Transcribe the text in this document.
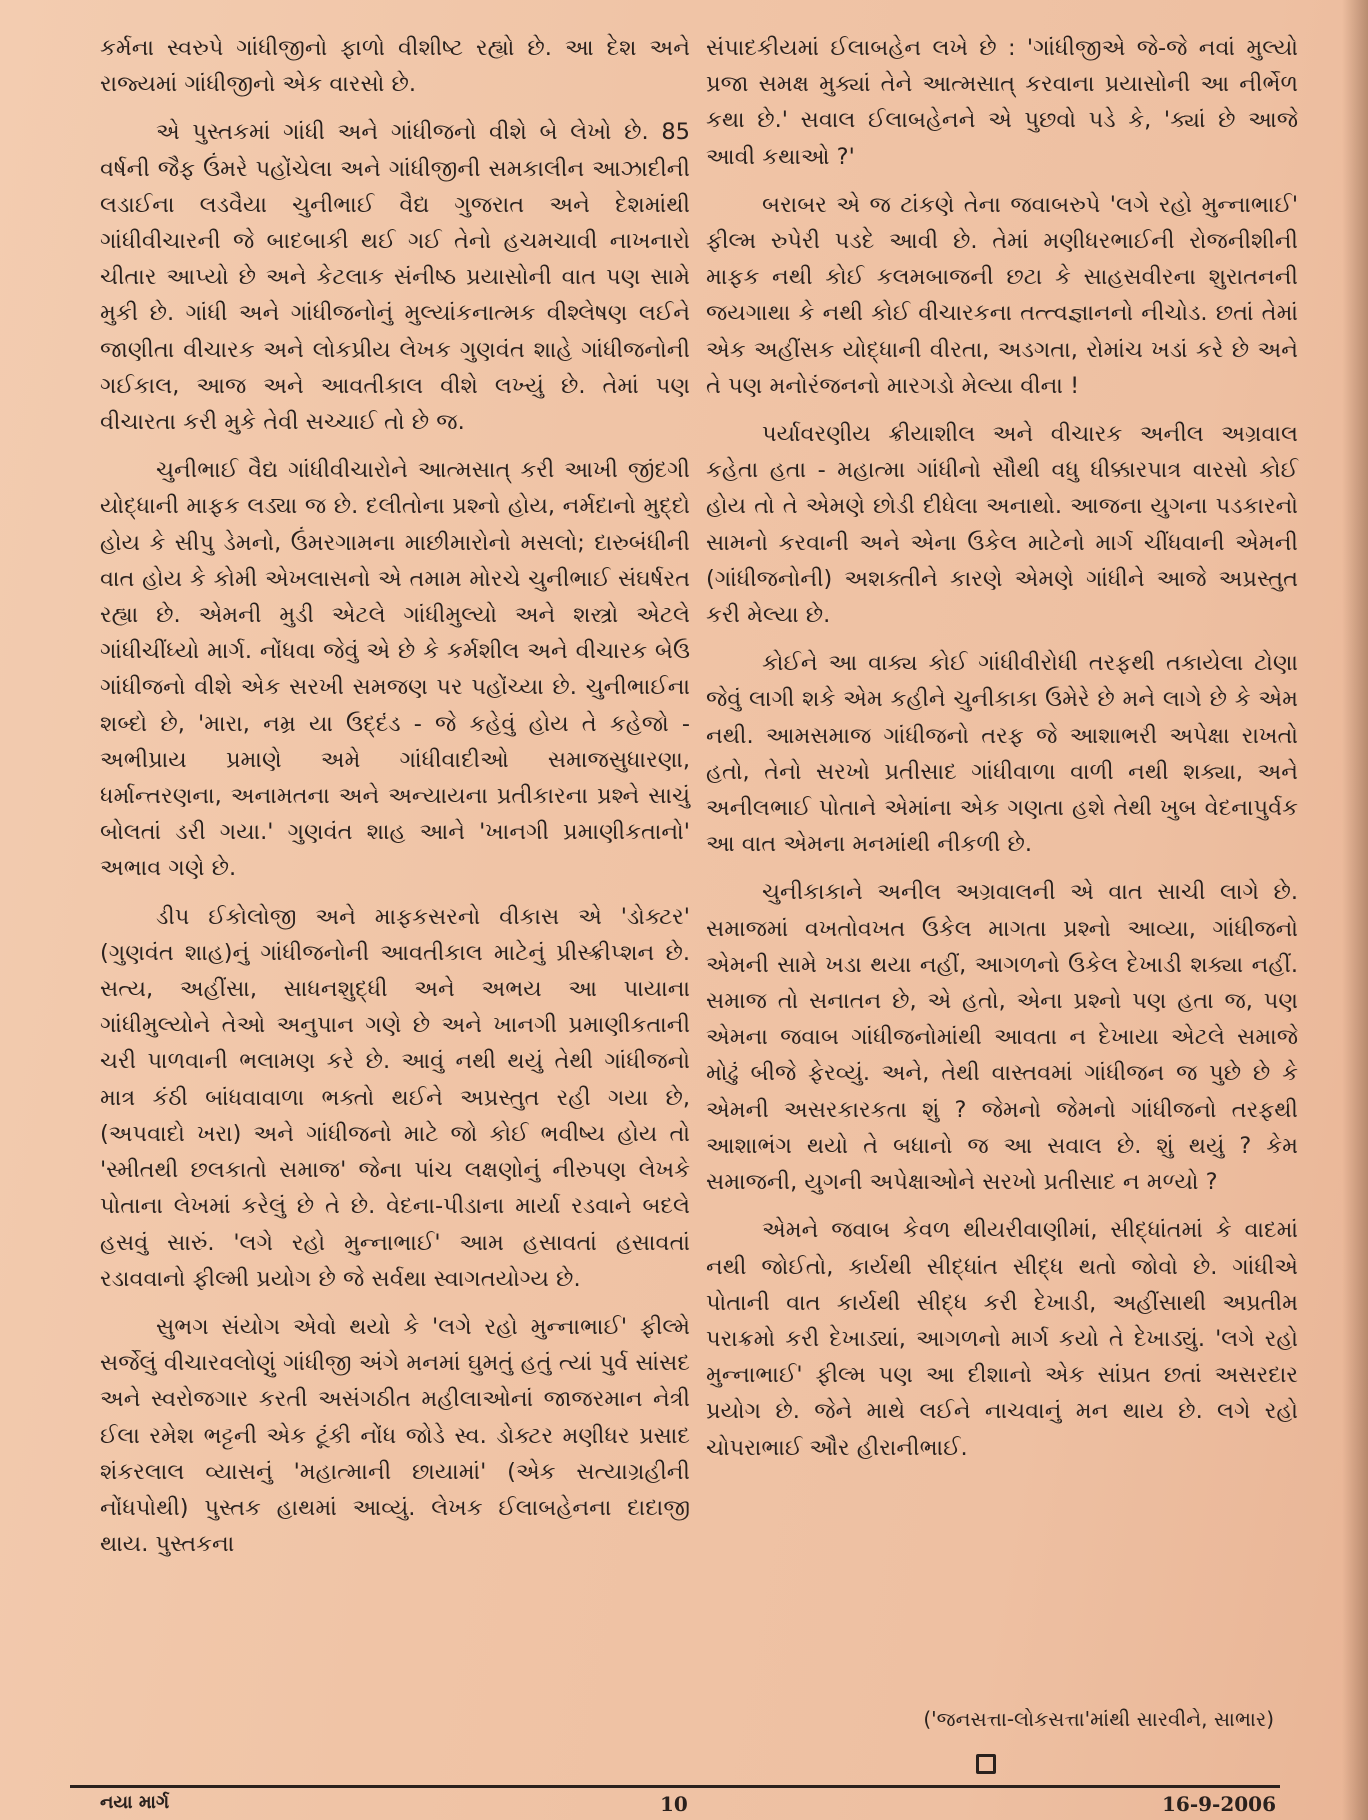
કર્મના સ્વરુપે ગાંધીજીનો ફાળો વીશીષ્ટ રહ્યો છે. આ દેશ અને રાજ્યમાં ગાંધીજીનો એક વારસો છે.

એ પુસ્તકમાં ગાંધી અને ગાંધીજનો વીશે બે લેખો છે. 85 વર્ષની જૈફ ઉંમરે પહોંચેલા અને ગાંધીજીની સમકાલીન આઝાદીની લડાઈના લડવૈયા ચુનીભાઈ વૈદ્ય ગુજરાત અને દેશમાંથી ગાંધીવીચારની જે બાદબાકી થઈ ગઈ તેનો હચમચાવી નાખનારો ચીતાર આપ્યો છે અને કેટલાક સંનીષ્ઠ પ્રયાસોની વાત પણ સામે મુકી છે. ગાંધી અને ગાંધીજનોનું મુલ્યાંકનાત્મક વીશ્લેષણ લઈને જાણીતા વીચારક અને લોકપ્રીય લેખક ગુણવંત શાહે ગાંધીજનોની ગઈકાલ, આજ અને આવતીકાલ વીશે લખ્યું છે. તેમાં પણ વીચારતા કરી મુકે તેવી સચ્ચાઈ તો છે જ.

ચુનીભાઈ વૈદ્ય ગાંધીવીચારોને આત્મસાત્ કરી આખી જીંદગી યોદ્ધાની માફક લડ્યા જ છે. દલીતોના પ્રશ્નો હોય, નર્મદાનો મુદ્દો હોય કે સીપુ ડેમનો, ઉંમરગામના માછીમારોનો મસલો; દારુબંધીની વાત હોય કે કોમી એખલાસનો એ તમામ મોરચે ચુનીભાઈ સંઘર્ષરત રહ્યા છે. એમની મુડી એટલે ગાંધીમુલ્યો અને શસ્ત્રો એટલે ગાંધીચીંધ્યો માર્ગ. નોંધવા જેવું એ છે કે કર્મશીલ અને વીચારક બેઉ ગાંધીજનો વીશે એક સરખી સમજણ પર પહોંચ્યા છે. ચુનીભાઈના શબ્દો છે, 'મારા, નમ્ર યા ઉદ્દંડ - જે કહેવું હોય તે કહેજો - અભીપ્રાય પ્રમાણે અમે ગાંધીવાદીઓ સમાજસુધારણા, ધર્માન્તરણના, અનામતના અને અન્યાયના પ્રતીકારના પ્રશ્ને સાચું બોલતાં ડરી ગયા.' ગુણવંત શાહ આને 'ખાનગી પ્રમાણીકતાનો' અભાવ ગણે છે.

ડીપ ઈકોલોજી અને માફકસરનો વીકાસ એ 'ડોક્ટર' (ગુણવંત શાહ)નું ગાંધીજનોની આવતીકાલ માટેનું પ્રીસ્ક્રીપ્શન છે. સત્ય, અહીંસા, સાધનશુદ્ધી અને અભય આ પાયાના ગાંધીમુલ્યોને તેઓ અનુપાન ગણે છે અને ખાનગી પ્રમાણીકતાની ચરી પાળવાની ભલામણ કરે છે. આવું નથી થયું તેથી ગાંધીજનો માત્ર કંઠી બાંધવાવાળા ભક્તો થઈને અપ્રસ્તુત રહી ગયા છે, (અપવાદો ખરા) અને ગાંધીજનો માટે જો કોઈ ભવીષ્ય હોય તો 'સ્મીતથી છલકાતો સમાજ' જેના પાંચ લક્ષણોનું નીરુપણ લેખકે પોતાના લેખમાં કરેલું છે તે છે. વેદના-પીડાના માર્યા રડવાને બદલે હસવું સારું. 'લગે રહો મુન્નાભાઈ' આમ હસાવતાં હસાવતાં રડાવવાનો ફીલ્મી પ્રયોગ છે જે સર્વથા સ્વાગતયોગ્ય છે.

સુભગ સંયોગ એવો થયો કે 'લગે રહો મુન્નાભાઈ' ફીલ્મે સર્જેલું વીચારવલોણું ગાંધીજી અંગે મનમાં ઘુમતું હતું ત્યાં પુર્વ સાંસદ અને સ્વરોજગાર કરતી અસંગઠીત મહીલાઓનાં જાજરમાન નેત્રી ઈલા રમેશ ભટ્ટની એક ટૂંકી નોંધ જોડે સ્વ. ડોક્ટર મણીધર પ્રસાદ શંકરલાલ વ્યાસનું 'મહાત્માની છાયામાં' (એક સત્યાગ્રહીની નોંધપોથી) પુસ્તક હાથમાં આવ્યું. લેખક ઈલાબહેનના દાદાજી થાય. પુસ્તકના

સંપાદકીયમાં ઈલાબહેન લખે છે : 'ગાંધીજીએ જે-જે નવાં મુલ્યો પ્રજા સમક્ષ મુક્યાં તેને આત્મસાત્ કરવાના પ્રયાસોની આ નીર્ભેળ કથા છે.' સવાલ ઈલાબહેનને એ પુછવો પડે કે, 'ક્યાં છે આજે આવી કથાઓ ?'

બરાબર એ જ ટાંકણે તેના જવાબરુપે 'લગે રહો મુન્નાભાઈ' ફીલ્મ રુપેરી પડદે આવી છે. તેમાં મણીધરભાઈની રોજનીશીની માફક નથી કોઈ કલમબાજની છટા કે સાહસવીરના શુરાતનની જયગાથા કે નથી કોઈ વીચારકના તત્ત્વજ્ઞાનનો નીચોડ. છતાં તેમાં એક અહીંસક યોદ્ધાની વીરતા, અડગતા, રોમાંચ ખડાં કરે છે અને તે પણ મનોરંજનનો મારગડો મેલ્યા વીના !

પર્યાવરણીય ક્રીયાશીલ અને વીચારક અનીલ અગ્રવાલ કહેતા હતા - મહાત્મા ગાંધીનો સૌથી વધુ ધીક્કારપાત્ર વારસો કોઈ હોય તો તે એમણે છોડી દીધેલા અનાથો. આજના યુગના પડકારનો સામનો કરવાની અને એના ઉકેલ માટેનો માર્ગ ચીંધવાની એમની (ગાંધીજનોની) અશક્તીને કારણે એમણે ગાંધીને આજે અપ્રસ્તુત કરી મેલ્યા છે.

કોઈને આ વાક્ય કોઈ ગાંધીવીરોધી તરફથી તકાયેલા ટોણા જેવું લાગી શકે એમ કહીને ચુનીકાકા ઉમેરે છે મને લાગે છે કે એમ નથી. આમસમાજ ગાંધીજનો તરફ જે આશાભરી અપેક્ષા રાખતો હતો, તેનો સરખો પ્રતીસાદ ગાંધીવાળા વાળી નથી શક્યા, અને અનીલભાઈ પોતાને એમાંના એક ગણતા હશે તેથી ખુબ વેદનાપુર્વક આ વાત એમના મનમાંથી નીકળી છે.

ચુનીકાકાને અનીલ અગ્રવાલની એ વાત સાચી લાગે છે. સમાજમાં વખતોવખત ઉકેલ માગતા પ્રશ્નો આવ્યા, ગાંધીજનો એમની સામે ખડા થયા નહીં, આગળનો ઉકેલ દેખાડી શક્યા નહીં. સમાજ તો સનાતન છે, એ હતો, એના પ્રશ્નો પણ હતા જ, પણ એમના જવાબ ગાંધીજનોમાંથી આવતા ન દેખાયા એટલે સમાજે મોઢું બીજે ફેરવ્યું. અને, તેથી વાસ્તવમાં ગાંધીજન જ પુછે છે કે એમની અસરકારકતા શું ? જેમનો જેમનો ગાંધીજનો તરફથી આશાભંગ થયો તે બધાનો જ આ સવાલ છે. શું થયું ? કેમ સમાજની, યુગની અપેક્ષાઓને સરખો પ્રતીસાદ ન મળ્યો ?

એમને જવાબ કેવળ થીયરીવાણીમાં, સીદ્ધાંતમાં કે વાદમાં નથી જોઈતો, કાર્યથી સીદ્ધાંત સીદ્ધ થતો જોવો છે. ગાંધીએ પોતાની વાત કાર્યથી સીદ્ધ કરી દેખાડી, અહીંસાથી અપ્રતીમ પરાક્રમો કરી દેખાડ્યાં, આગળનો માર્ગ કયો તે દેખાડ્યું. 'લગે રહો મુન્નાભાઈ' ફીલ્મ પણ આ દીશાનો એક સાંપ્રત છતાં અસરદાર પ્રયોગ છે. જેને માથે લઈને નાચવાનું મન થાય છે. લગે રહો ચોપરાભાઈ ઔર હીરાનીભાઈ.

('જનસત્તા-લોકસત્તા'માંથી સારવીને, સાભાર)
નયા માર્ગ	10	16-9-2006
